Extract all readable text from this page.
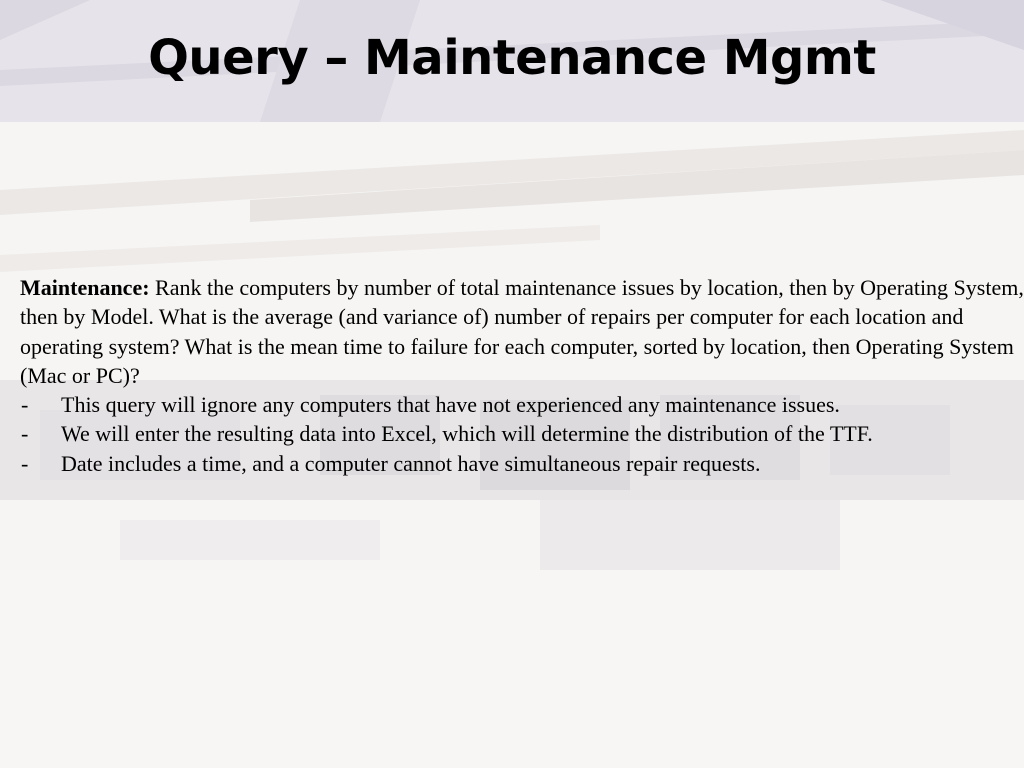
Query – Maintenance Mgmt

Maintenance: Rank the computers by number of total maintenance issues by location, then by Operating System, then by Model. What is the average (and variance of) number of repairs per computer for each location and operating system? What is the mean time to failure for each computer, sorted by location, then Operating System (Mac or PC)?

- This query will ignore any computers that have not experienced any maintenance issues.
- We will enter the resulting data into Excel, which will determine the distribution of the TTF.
- Date includes a time, and a computer cannot have simultaneous repair requests.
